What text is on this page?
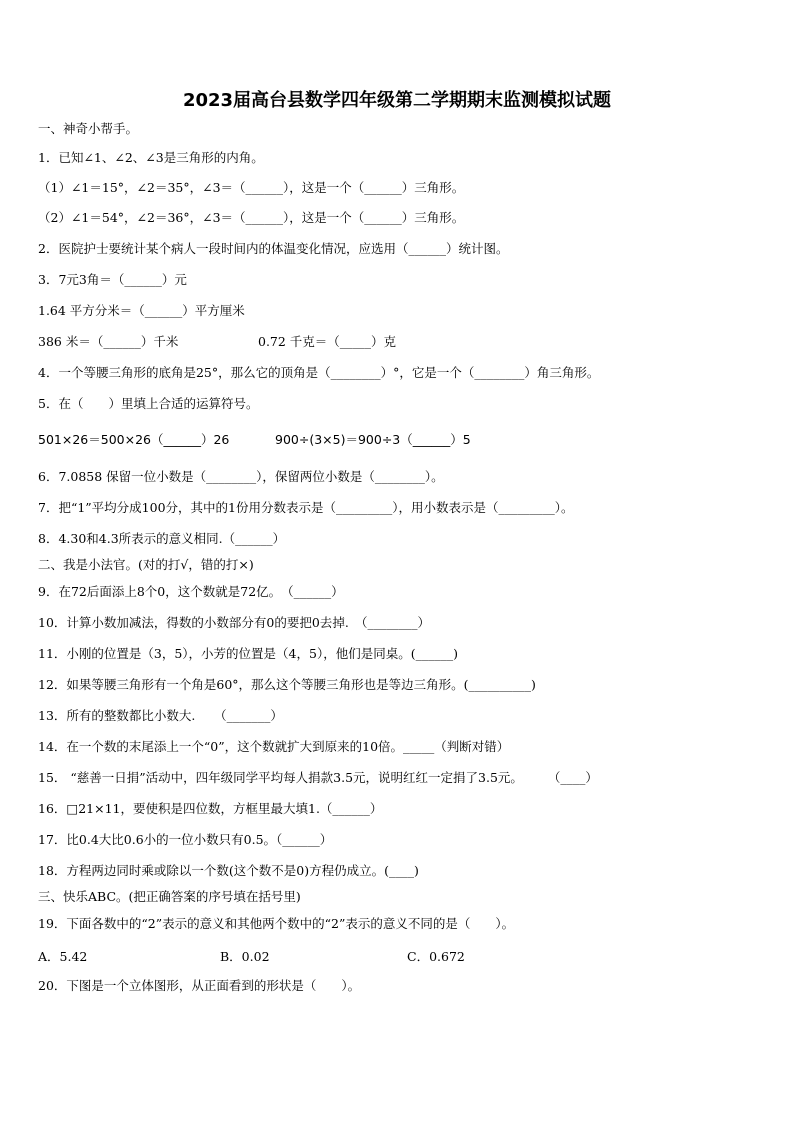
2023届高台县数学四年级第二学期期末监测模拟试题
一、神奇小帮手。
1．已知∠1、∠2、∠3是三角形的内角。
（1）∠1＝15°，∠2＝35°，∠3＝（______），这是一个（______）三角形。
（2）∠1＝54°，∠2＝36°，∠3＝（______），这是一个（______）三角形。
2．医院护士要统计某个病人一段时间内的体温变化情况，应选用（______）统计图。
3．7元3角＝（______）元
1.64 平方分米＝（______）平方厘米
386 米＝（______）千米	0.72 千克＝（_____）克
4．一个等腰三角形的底角是25°，那么它的顶角是（________）°，它是一个（________）角三角形。
5．在（　　）里填上合适的运算符号。
501×26＝500×26（______）26	900÷(3×5)＝900÷3（______）5
6．7.0858 保留一位小数是（________），保留两位小数是（________）。
7．把“1”平均分成100分，其中的1份用分数表示是（_________），用小数表示是（_________）。
8．4.30和4.3所表示的意义相同.（______）
二、我是小法官。(对的打√，错的打×)
9．在72后面添上8个0，这个数就是72亿。　（______）
10．计算小数加减法，得数的小数部分有0的要把0去掉.　（________）
11．小刚的位置是（3，5），小芳的位置是（4，5），他们是同桌。(______)
12．如果等腰三角形有一个角是60°，那么这个等腰三角形也是等边三角形。(__________)
13．所有的整数都比小数大.　　（_______）
14．在一个数的末尾添上一个“0”，这个数就扩大到原来的10倍。_____（判断对错）
15． “慈善一日捐”活动中，四年级同学平均每人捐款3.5元，说明红红一定捐了3.5元。　　　（____）
16．□21×11，要使积是四位数，方框里最大填1.（______）
17．比0.4大比0.6小的一位小数只有0.5。（______）
18．方程两边同时乘或除以一个数(这个数不是0)方程仍成立。(____)
三、快乐ABC。(把正确答案的序号填在括号里)
19．下面各数中的“2”表示的意义和其他两个数中的“2”表示的意义不同的是（　　）。
A．5.42	B．0.02	C．0.672
20．下图是一个立体图形，从正面看到的形状是（　　）。
